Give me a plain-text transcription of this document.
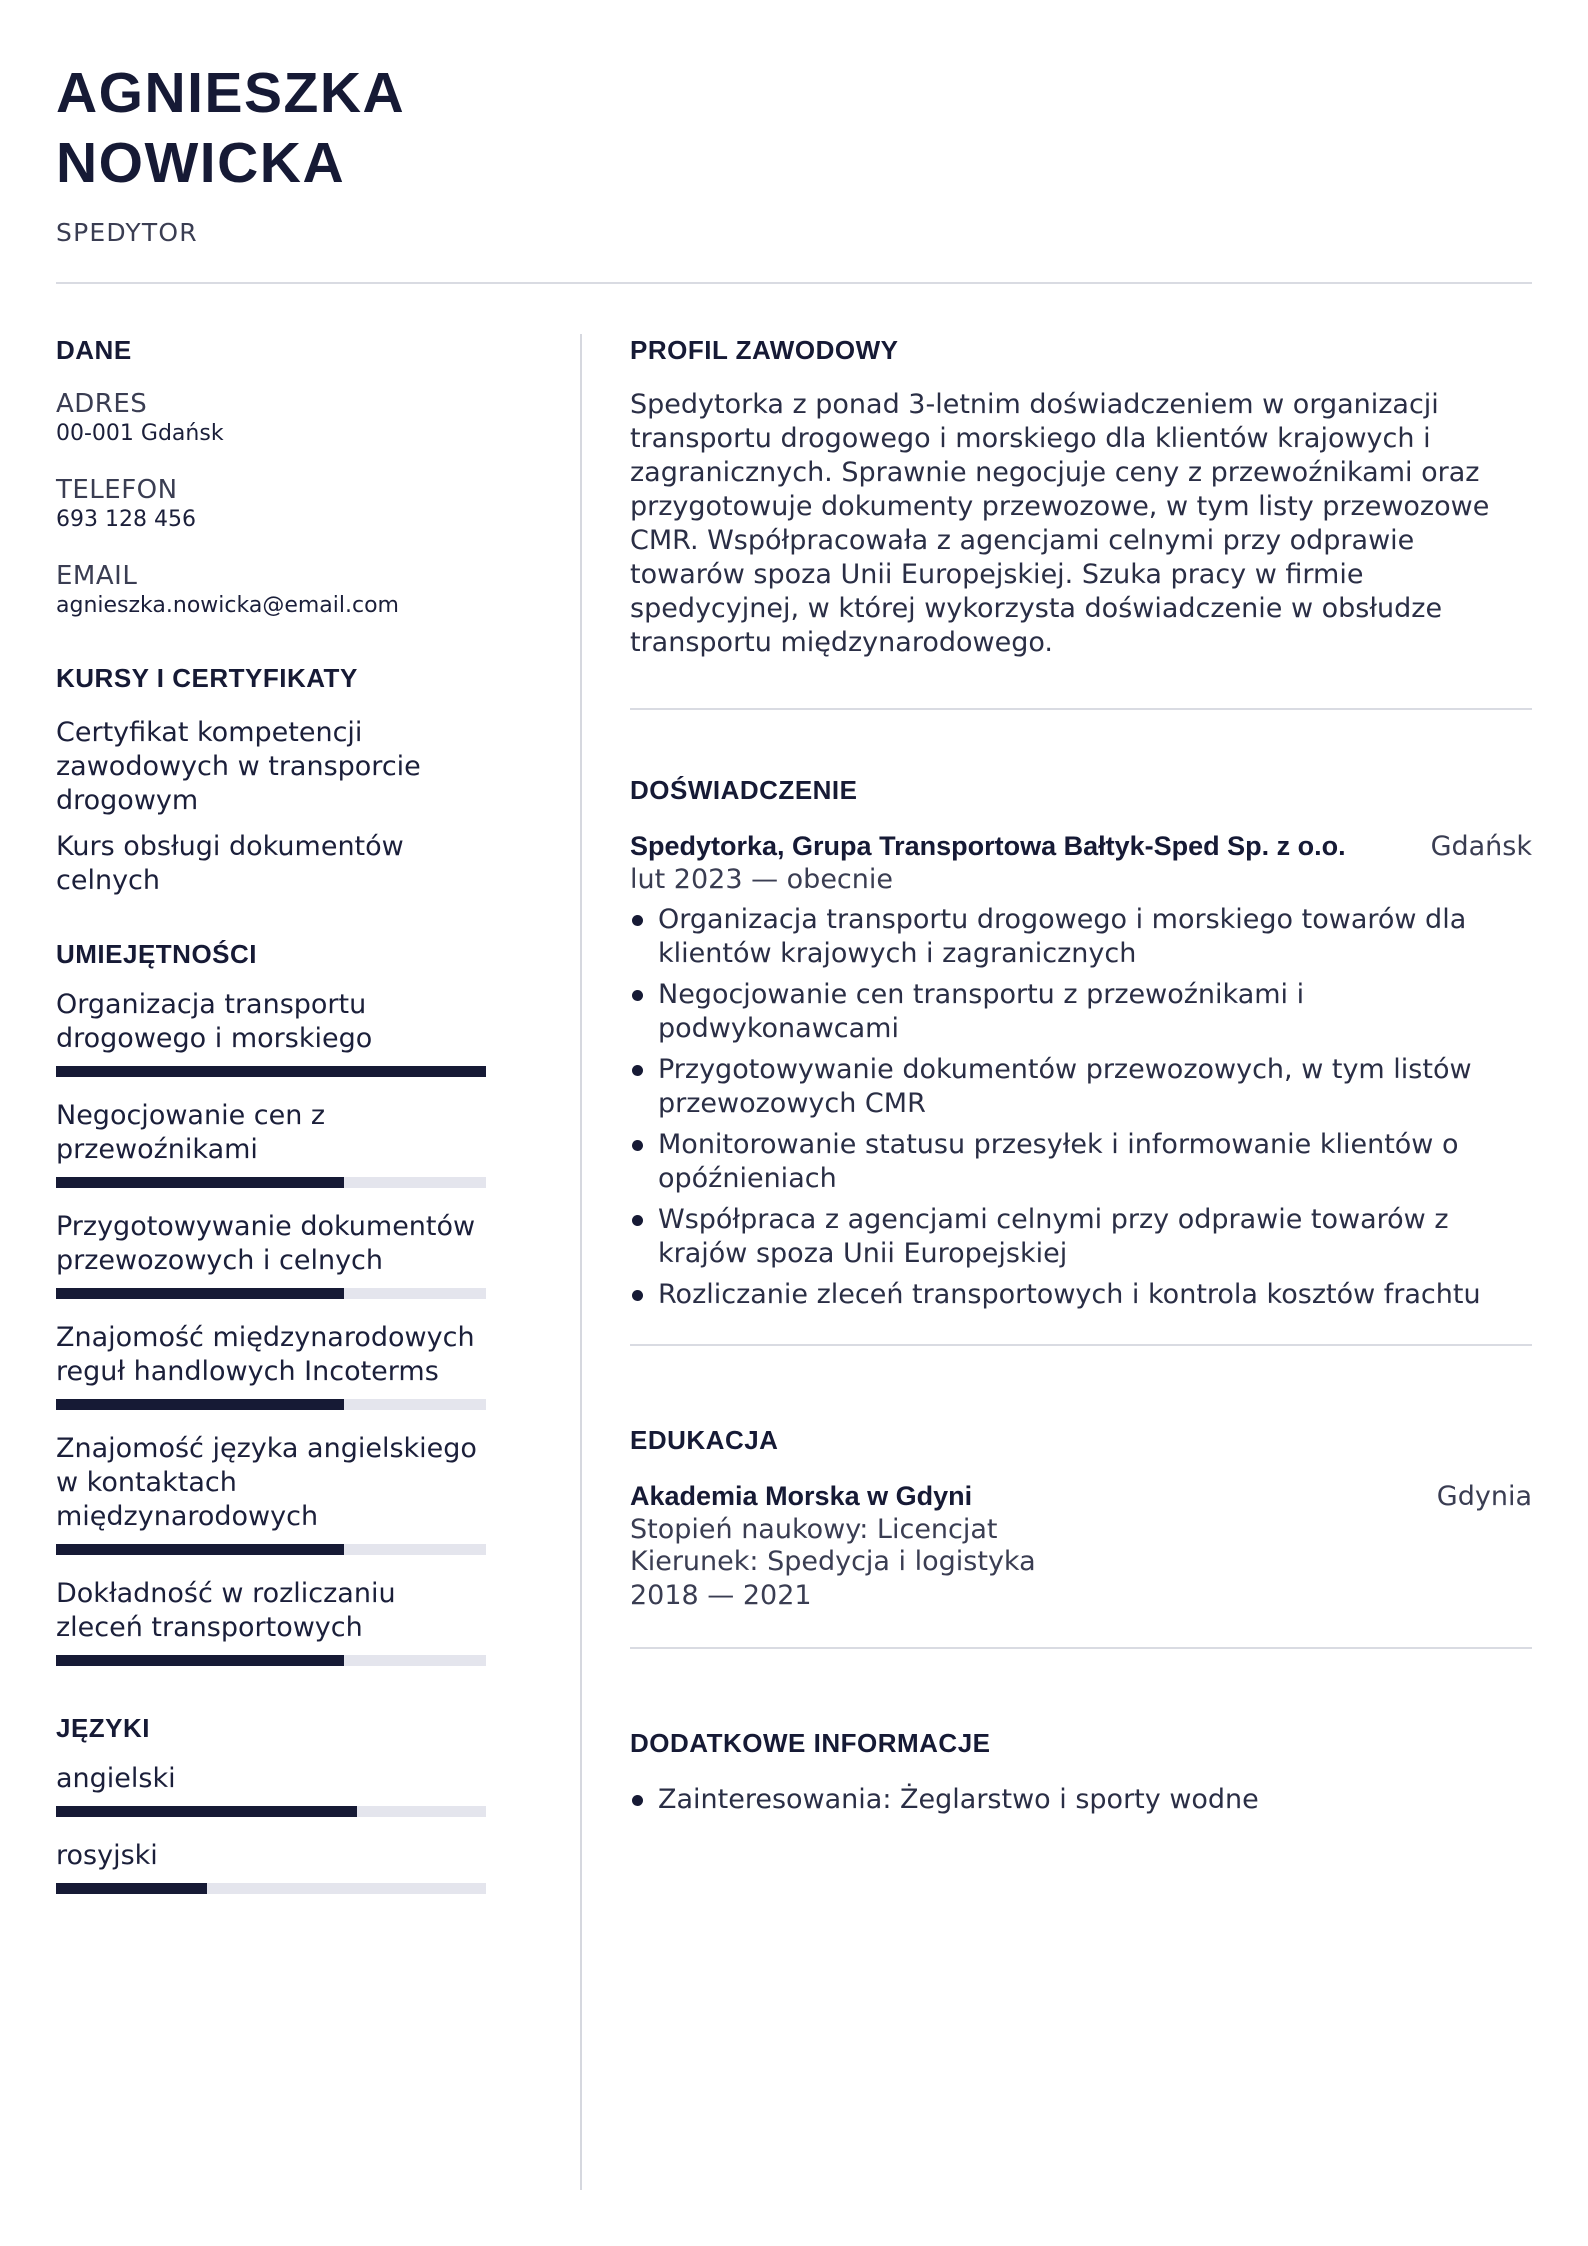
AGNIESZKA
NOWICKA
SPEDYTOR
DANE
ADRES
00-001 Gdańsk
TELEFON
693 128 456
EMAIL
agnieszka.nowicka@email.com
KURSY I CERTYFIKATY
Certyfikat kompetencji zawodowych w transporcie drogowym
Kurs obsługi dokumentów celnych
UMIEJĘTNOŚCI
Organizacja transportu drogowego i morskiego
Negocjowanie cen z przewoźnikami
Przygotowywanie dokumentów przewozowych i celnych
Znajomość międzynarodowych reguł handlowych Incoterms
Znajomość języka angielskiego w kontaktach międzynarodowych
Dokładność w rozliczaniu zleceń transportowych
JĘZYKI
angielski
rosyjski
PROFIL ZAWODOWY
Spedytorka z ponad 3-letnim doświadczeniem w organizacji transportu drogowego i morskiego dla klientów krajowych i zagranicznych. Sprawnie negocjuje ceny z przewoźnikami oraz przygotowuje dokumenty przewozowe, w tym listy przewozowe CMR. Współpracowała z agencjami celnymi przy odprawie towarów spoza Unii Europejskiej. Szuka pracy w firmie spedycyjnej, w której wykorzysta doświadczenie w obsłudze transportu międzynarodowego.
DOŚWIADCZENIE
Spedytorka, Grupa Transportowa Bałtyk-Sped Sp. z o.o.	Gdańsk
lut 2023 — obecnie
Organizacja transportu drogowego i morskiego towarów dla klientów krajowych i zagranicznych
Negocjowanie cen transportu z przewoźnikami i podwykonawcami
Przygotowywanie dokumentów przewozowych, w tym listów przewozowych CMR
Monitorowanie statusu przesyłek i informowanie klientów o opóźnieniach
Współpraca z agencjami celnymi przy odprawie towarów z krajów spoza Unii Europejskiej
Rozliczanie zleceń transportowych i kontrola kosztów frachtu
EDUKACJA
Akademia Morska w Gdyni	Gdynia
Stopień naukowy: Licencjat
Kierunek: Spedycja i logistyka
2018 — 2021
DODATKOWE INFORMACJE
Zainteresowania: Żeglarstwo i sporty wodne
